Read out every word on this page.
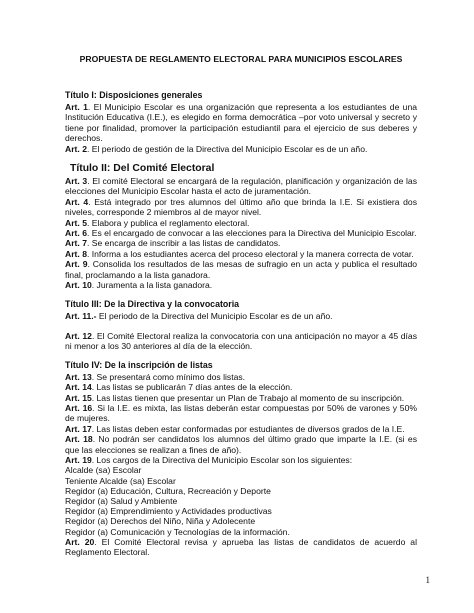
PROPUESTA DE REGLAMENTO ELECTORAL PARA MUNICIPIOS ESCOLARES
Título I: Disposiciones generales

Art. 1. El Municipio Escolar es una organización que representa a los estudiantes de una Institución Educativa (I.E.), es elegido en forma democrática –por voto universal y secreto y tiene por finalidad, promover la participación estudiantil para el ejercicio de sus deberes y derechos.

Art. 2. El periodo de gestión de la Directiva del Municipio Escolar es de un año.

Título II: Del Comité Electoral

Art. 3. El comité Electoral se encargará de la regulación, planificación y organización de las elecciones del Municipio Escolar hasta el acto de juramentación.

Art. 4. Está integrado por tres alumnos del último año que brinda la I.E. Si existiera dos niveles, corresponde 2 miembros al de mayor nivel.

Art. 5. Elabora y publica el reglamento electoral.

Art. 6. Es el encargado de convocar a las elecciones para la Directiva del Municipio Escolar.

Art. 7. Se encarga de inscribir a las listas de candidatos.

Art. 8. Informa a los estudiantes acerca del proceso electoral y la manera correcta de votar.

Art. 9. Consolida los resultados de las mesas de sufragio en un acta y publica el resultado final, proclamando a la lista ganadora.

Art. 10. Juramenta a la lista ganadora.

Título III: De la Directiva y la convocatoria

Art. 11.- El periodo de la Directiva del Municipio Escolar es de un año.

Art. 12. El Comité Electoral realiza la convocatoria con una anticipación no mayor a 45 días ni menor a los 30 anteriores al día de la elección.

Título IV: De la inscripción de listas

Art. 13. Se presentará como mínimo dos listas.

Art. 14. Las listas se publicarán 7 días antes de la elección.

Art. 15. Las listas tienen que presentar un Plan de Trabajo al momento de su inscripción.

Art. 16. Si la I.E. es mixta, las listas deberán estar compuestas por 50% de varones y 50% de mujeres.

Art. 17. Las listas deben estar conformadas por estudiantes de diversos grados de la I.E.

Art. 18. No podrán ser candidatos los alumnos del último grado que imparte la I.E. (si es que las elecciones se realizan a fines de año).

Art. 19. Los cargos de la Directiva del Municipio Escolar son los siguientes:

Alcalde (sa) Escolar

Teniente Alcalde (sa) Escolar

Regidor (a) Educación, Cultura, Recreación y Deporte

Regidor (a) Salud y Ambiente

Regidor (a) Emprendimiento y Actividades productivas

Regidor (a) Derechos del Niño, Niña y Adolecente

Regidor (a) Comunicación y Tecnologías de la información.

Art. 20. El Comité Electoral revisa y aprueba las listas de candidatos de acuerdo al Reglamento Electoral.

1
